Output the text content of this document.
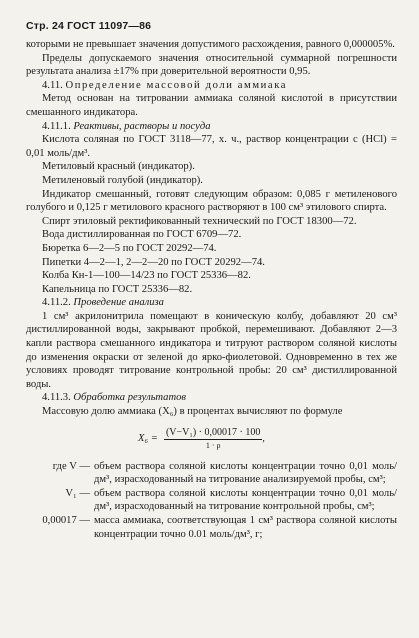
Стр. 24 ГОСТ 11097—86

которыми не превышает значения допустимого расхождения, равного 0,000005%.

Пределы допускаемого значения относительной суммарной погрешности результата анализа ±17% при доверительной вероятности 0,95.

4.11. Определение массовой доли аммиака

Метод основан на титровании аммиака соляной кислотой в присутствии смешанного индикатора.

4.11.1. Реактивы, растворы и посуда

Кислота соляная по ГОСТ 3118—77, х. ч., раствор концентрации с (HCl) = 0,01 моль/дм³.

Метиловый красный (индикатор).

Метиленовый голубой (индикатор).

Индикатор смешанный, готовят следующим образом: 0,085 г метиленового голубого и 0,125 г метилового красного растворяют в 100 см³ этилового спирта.

Спирт этиловый ректификованный технический по ГОСТ 18300—72.

Вода дистиллированная по ГОСТ 6709—72.

Бюретка 6—2—5 по ГОСТ 20292—74.

Пипетки 4—2—1, 2—2—20 по ГОСТ 20292—74.

Колба Кн-1—100—14/23 по ГОСТ 25336—82.

Капельница по ГОСТ 25336—82.

4.11.2. Проведение анализа

1 см³ акрилонитрила помещают в коническую колбу, добавляют 20 см³ дистиллированной воды, закрывают пробкой, перемешивают. Добавляют 2—3 капли раствора смешанного индикатора и титруют раствором соляной кислоты до изменения окраски от зеленой до ярко-фиолетовой. Одновременно в тех же условиях проводят титрование контрольной пробы: 20 см³ дистиллированной воды.

4.11.3. Обработка результатов

Массовую долю аммиака (X₆) в процентах вычисляют по формуле

$X_6 = \frac{\text{(V−V₁) · 0,00017 · 100}}{1 \cdot \rho}$ ,
где V — объем раствора соляной кислоты концентрации точно 0,01 моль/дм³, израсходованный на титрование анализируемой пробы, см³;
V₁ — объем раствора соляной кислоты концентрации точно 0,01 моль/дм³, израсходованный на титрование контрольной пробы, см³;
0,00017 — масса аммиака, соответствующая 1 см³ раствора соляной кислоты концентрации точно 0.01 моль/дм³, г;
